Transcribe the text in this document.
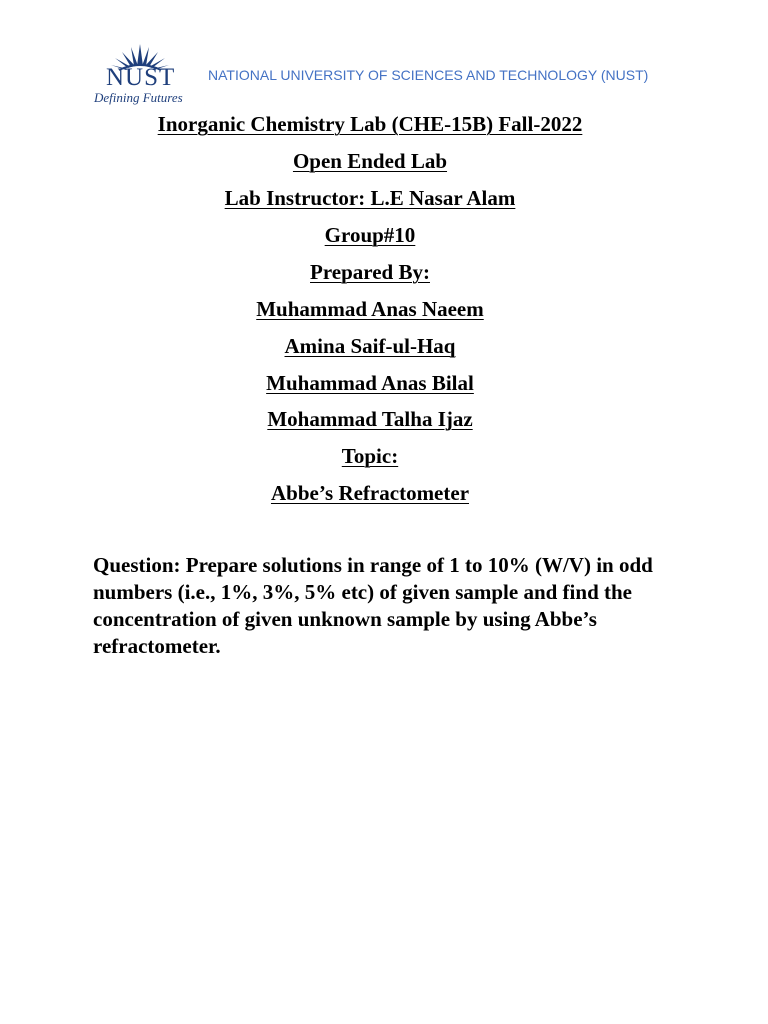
NUST
Defining Futures
NATIONAL UNIVERSITY OF SCIENCES AND TECHNOLOGY (NUST)
Inorganic Chemistry Lab (CHE-15B) Fall-2022
Open Ended Lab
Lab Instructor: L.E Nasar Alam
Group#10
Prepared By:
Muhammad Anas Naeem
Amina Saif-ul-Haq
Muhammad Anas Bilal
Mohammad Talha Ijaz
Topic:
Abbe’s Refractometer
Question: Prepare solutions in range of 1 to 10% (W/V) in odd numbers (i.e., 1%, 3%, 5% etc) of given sample and find the concentration of given unknown sample by using Abbe’s refractometer.
